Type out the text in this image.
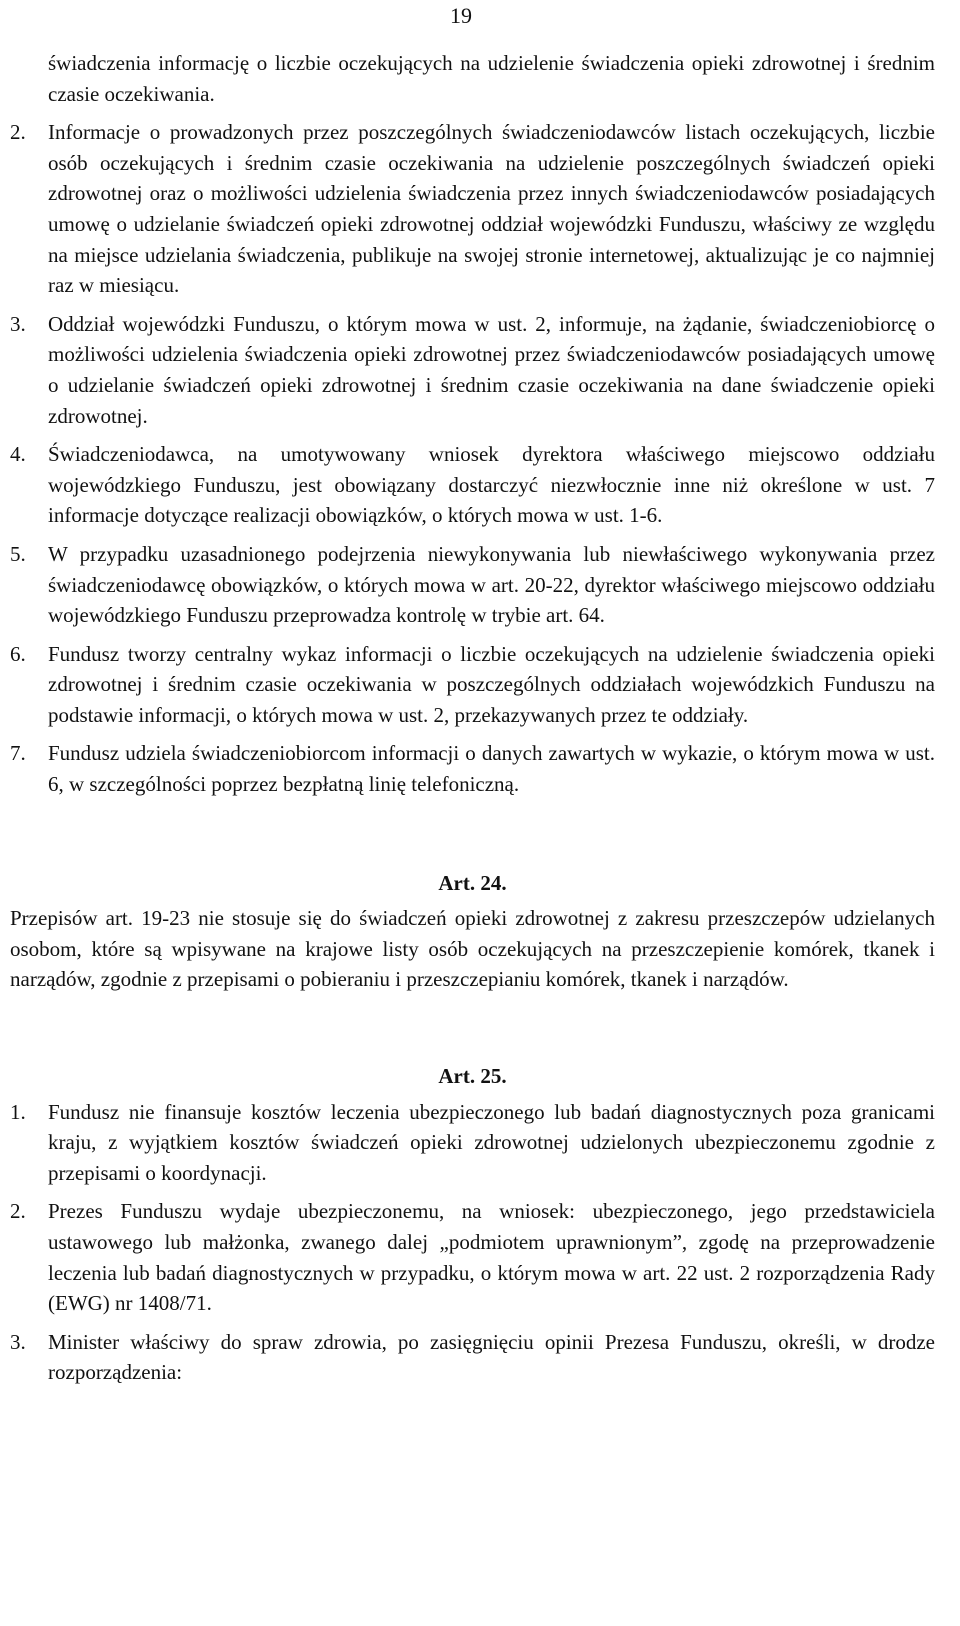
19

świadczenia informację o liczbie oczekujących na udzielenie świadczenia opieki zdrowotnej i średnim czasie oczekiwania.

2.	Informacje o prowadzonych przez poszczególnych świadczeniodawców listach oczekujących, liczbie osób oczekujących i średnim czasie oczekiwania na udzielenie poszczególnych świadczeń opieki zdrowotnej oraz o możliwości udzielenia świadczenia przez innych świadczeniodawców posiadających umowę o udzielanie świadczeń opieki zdrowotnej oddział wojewódzki Funduszu, właściwy ze względu na miejsce udzielania świadczenia, publikuje na swojej stronie internetowej, aktualizując je co najmniej raz w miesiącu.
3.	Oddział wojewódzki Funduszu, o którym mowa w ust. 2, informuje, na żądanie, świadczeniobiorcę o możliwości udzielenia świadczenia opieki zdrowotnej przez świadczeniodawców posiadających umowę o udzielanie świadczeń opieki zdrowotnej i średnim czasie oczekiwania na dane świadczenie opieki zdrowotnej.
4.	Świadczeniodawca, na umotywowany wniosek dyrektora właściwego miejscowo oddziału wojewódzkiego Funduszu, jest obowiązany dostarczyć niezwłocznie inne niż określone w ust. 7 informacje dotyczące realizacji obowiązków, o których mowa w ust. 1-6.
5.	W przypadku uzasadnionego podejrzenia niewykonywania lub niewłaściwego wykonywania przez świadczeniodawcę obowiązków, o których mowa w art. 20-22, dyrektor właściwego miejscowo oddziału wojewódzkiego Funduszu przeprowadza kontrolę w trybie art. 64.
6.	Fundusz tworzy centralny wykaz informacji o liczbie oczekujących na udzielenie świadczenia opieki zdrowotnej i średnim czasie oczekiwania w poszczególnych oddziałach wojewódzkich Funduszu na podstawie informacji, o których mowa w ust. 2, przekazywanych przez te oddziały.
7.	Fundusz udziela świadczeniobiorcom informacji o danych zawartych w wykazie, o którym mowa w ust. 6, w szczególności poprzez bezpłatną linię telefoniczną.

Art. 24.

Przepisów art. 19-23 nie stosuje się do świadczeń opieki zdrowotnej z zakresu przeszczepów udzielanych osobom, które są wpisywane na krajowe listy osób oczekujących na przeszczepienie komórek, tkanek i narządów, zgodnie z przepisami o pobieraniu i przeszczepianiu komórek, tkanek i narządów.

Art. 25.

1.	Fundusz nie finansuje kosztów leczenia ubezpieczonego lub badań diagnostycznych poza granicami kraju, z wyjątkiem kosztów świadczeń opieki zdrowotnej udzielonych ubezpieczonemu zgodnie z przepisami o koordynacji.
2.	Prezes Funduszu wydaje ubezpieczonemu, na wniosek: ubezpieczonego, jego przedstawiciela ustawowego lub małżonka, zwanego dalej „podmiotem uprawnionym”, zgodę na przeprowadzenie leczenia lub badań diagnostycznych w przypadku, o którym mowa w art. 22 ust. 2 rozporządzenia Rady (EWG) nr 1408/71.
3.	Minister właściwy do spraw zdrowia, po zasięgnięciu opinii Prezesa Funduszu, określi, w drodze rozporządzenia:
